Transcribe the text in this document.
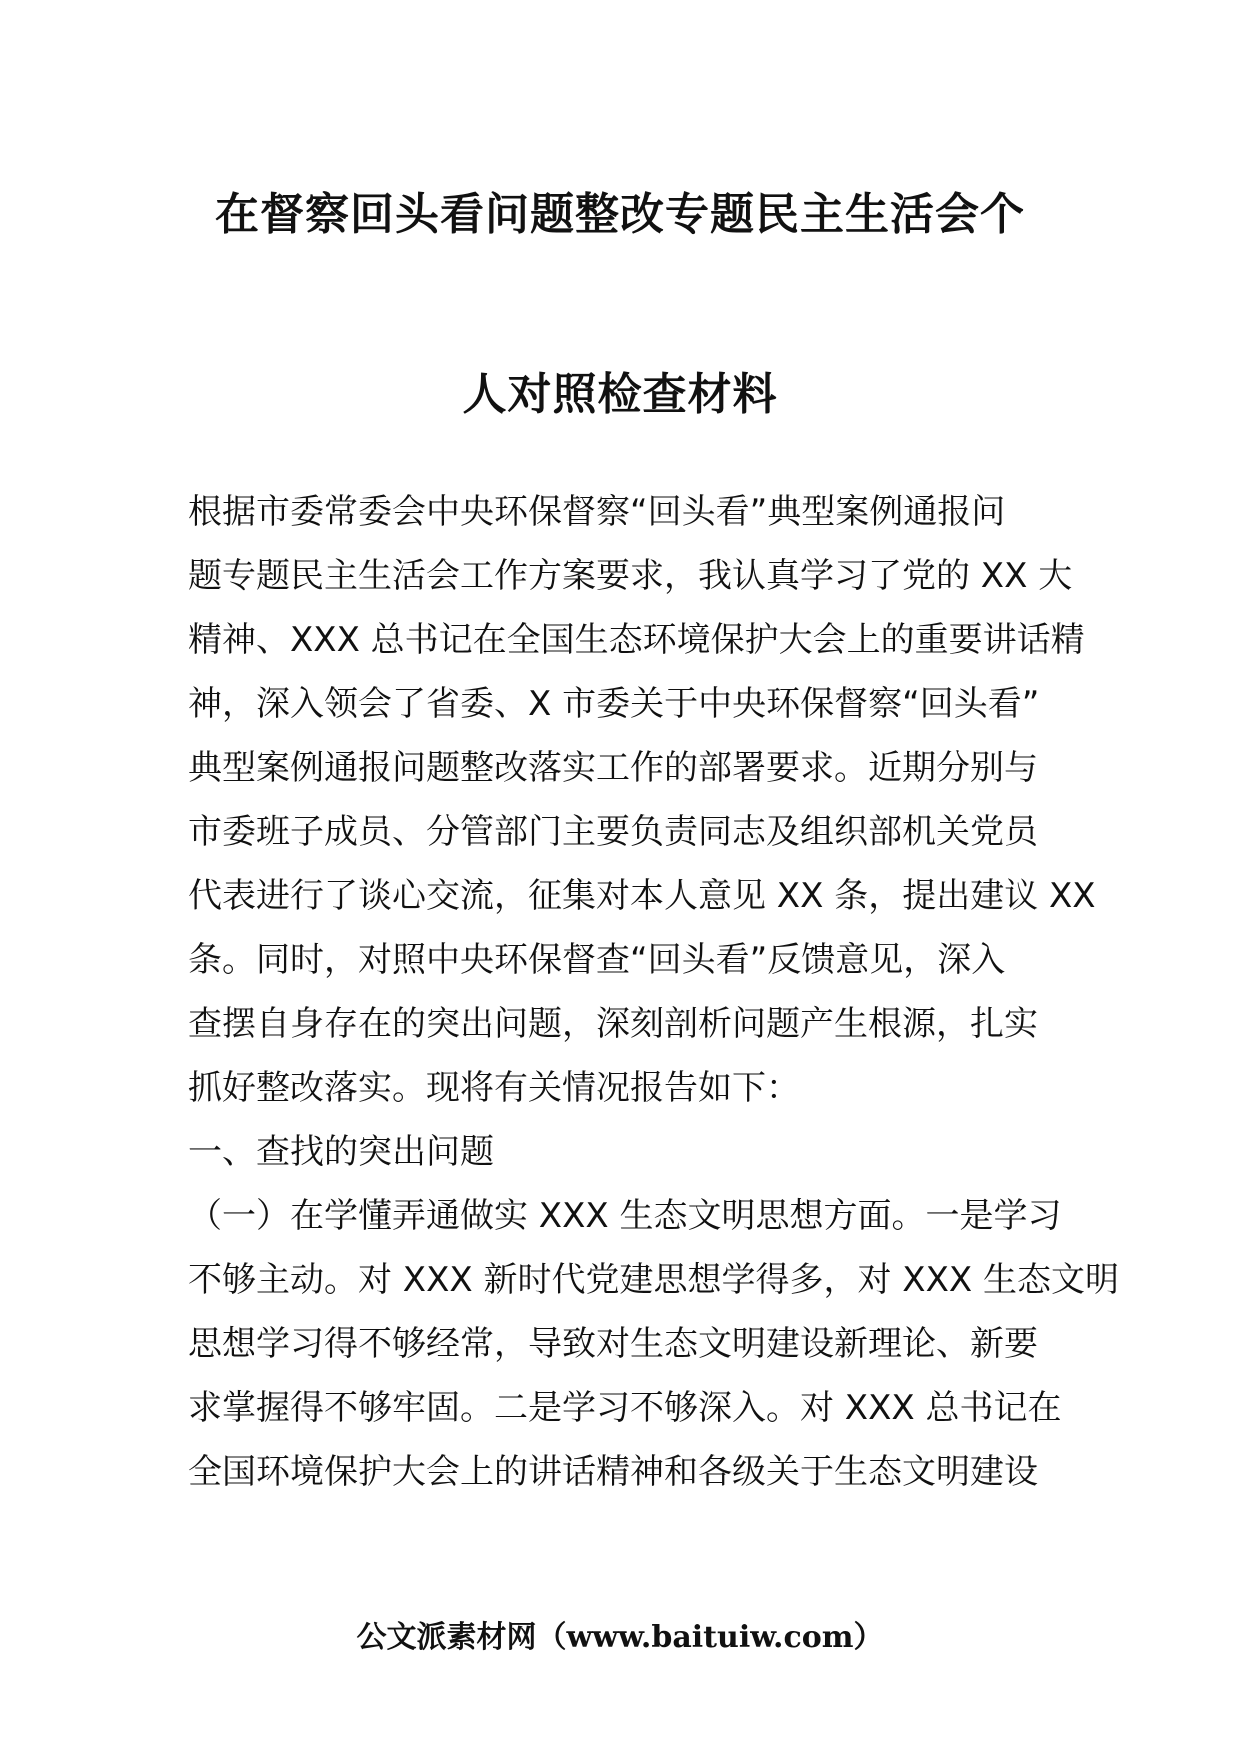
在督察回头看问题整改专题民主生活会个
人对照检查材料
根据市委常委会中央环保督察“回头看”典型案例通报问
题专题民主生活会工作方案要求，我认真学习了党的 XX 大
精神、XXX 总书记在全国生态环境保护大会上的重要讲话精
神，深入领会了省委、X 市委关于中央环保督察“回头看”
典型案例通报问题整改落实工作的部署要求。近期分别与
市委班子成员、分管部门主要负责同志及组织部机关党员
代表进行了谈心交流，征集对本人意见 XX 条，提出建议 XX
条。同时，对照中央环保督查“回头看”反馈意见，深入
查摆自身存在的突出问题，深刻剖析问题产生根源，扎实
抓好整改落实。现将有关情况报告如下：
一、查找的突出问题
（一）在学懂弄通做实 XXX 生态文明思想方面。一是学习
不够主动。对 XXX 新时代党建思想学得多，对 XXX 生态文明
思想学习得不够经常，导致对生态文明建设新理论、新要
求掌握得不够牢固。二是学习不够深入。对 XXX 总书记在
全国环境保护大会上的讲话精神和各级关于生态文明建设
公文派素材网（www.baituiw.com）
